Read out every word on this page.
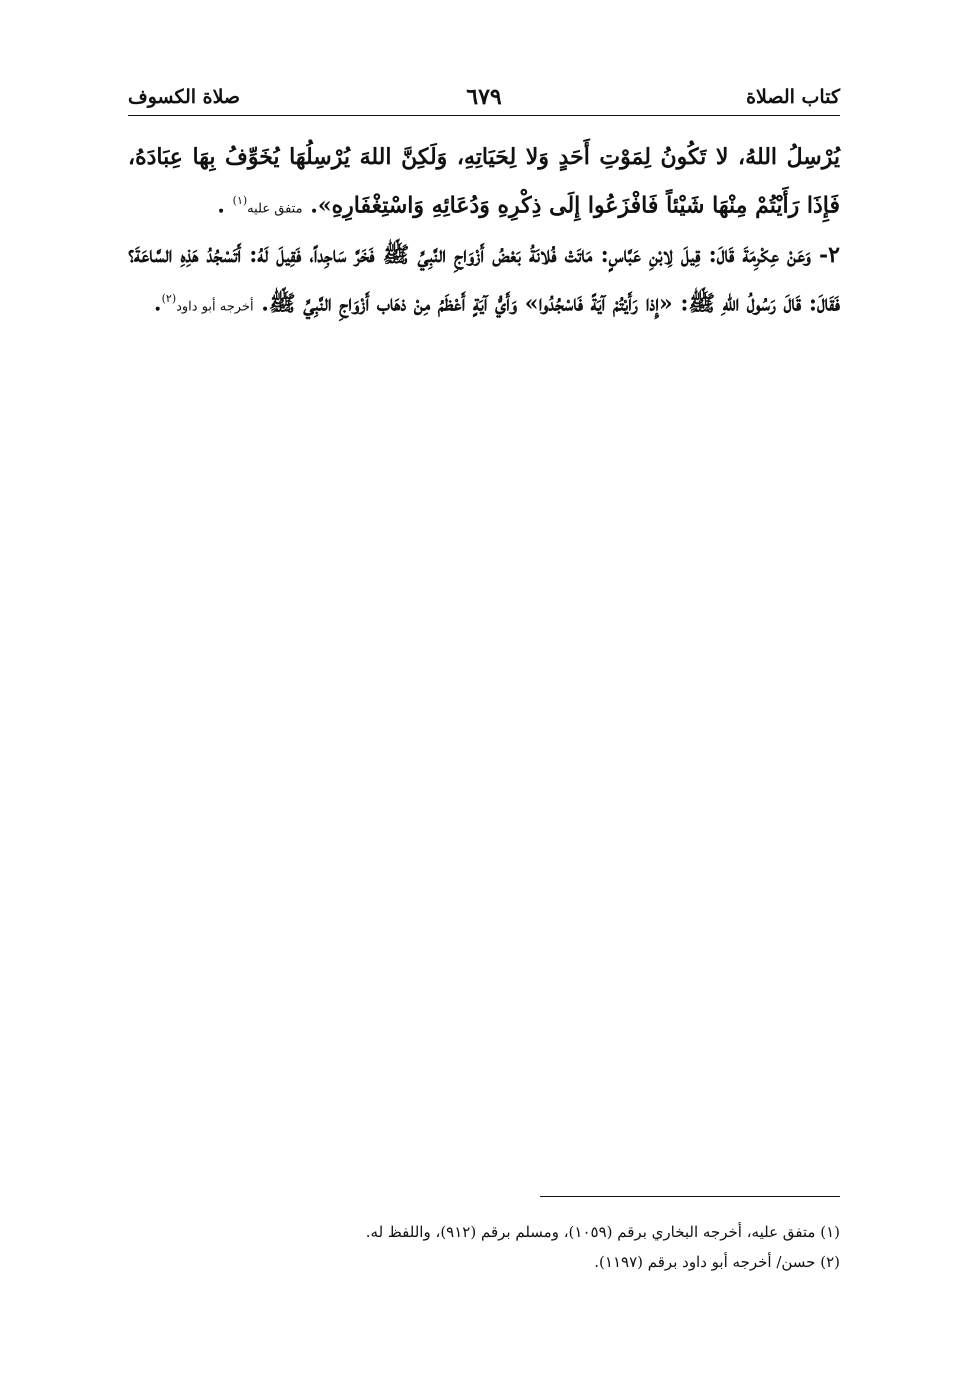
كتاب الصلاة
٦٧٩
صلاة الكسوف

يُرْسِلُ اللهُ، لا تَكُونُ لِمَوْتِ أَحَدٍ وَلا لِحَيَاتِهِ، وَلَكِنَّ اللهَ يُرْسِلُهَا يُخَوِّفُ بِهَا عِبَادَهُ، فَإِذَا رَأَيْتُمْ مِنْهَا شَيْئاً فَافْزَعُوا إِلَى ذِكْرِهِ وَدُعَائِهِ وَاسْتِغْفَارِهِ». متفق عليه$^{(١)}$ .

٢- وَعَنْ عِكْرِمَةَ قَالَ: قِيلَ لِابْنِ عَبَّاسٍ: مَاتَتْ فُلانَةُ بَعْضُ أَزْوَاجِ النَّبِيِّ ﷺ فَخَرَّ سَاجِداً، فَقِيلَ لَهُ: أَتَسْجُدُ هَذِهِ السَّاعَةَ؟ فَقَالَ: قَالَ رَسُولُ اللهِ ﷺ: «إِذا رَأَيْتُمْ آيَةً فَاسْجُدُوا» وَأَيُّ آيَةٍ أَعْظَمُ مِنْ ذهَاب أَزْوَاجِ النَّبِيِّ ﷺ. أخرجه أبو داود$^{(٢)}$.

(١) متفق عليه، أخرجه البخاري برقم (١٠٥٩)، ومسلم برقم (٩١٢)، واللفظ له.

(٢) حسن/ أخرجه أبو داود برقم (١١٩٧).
